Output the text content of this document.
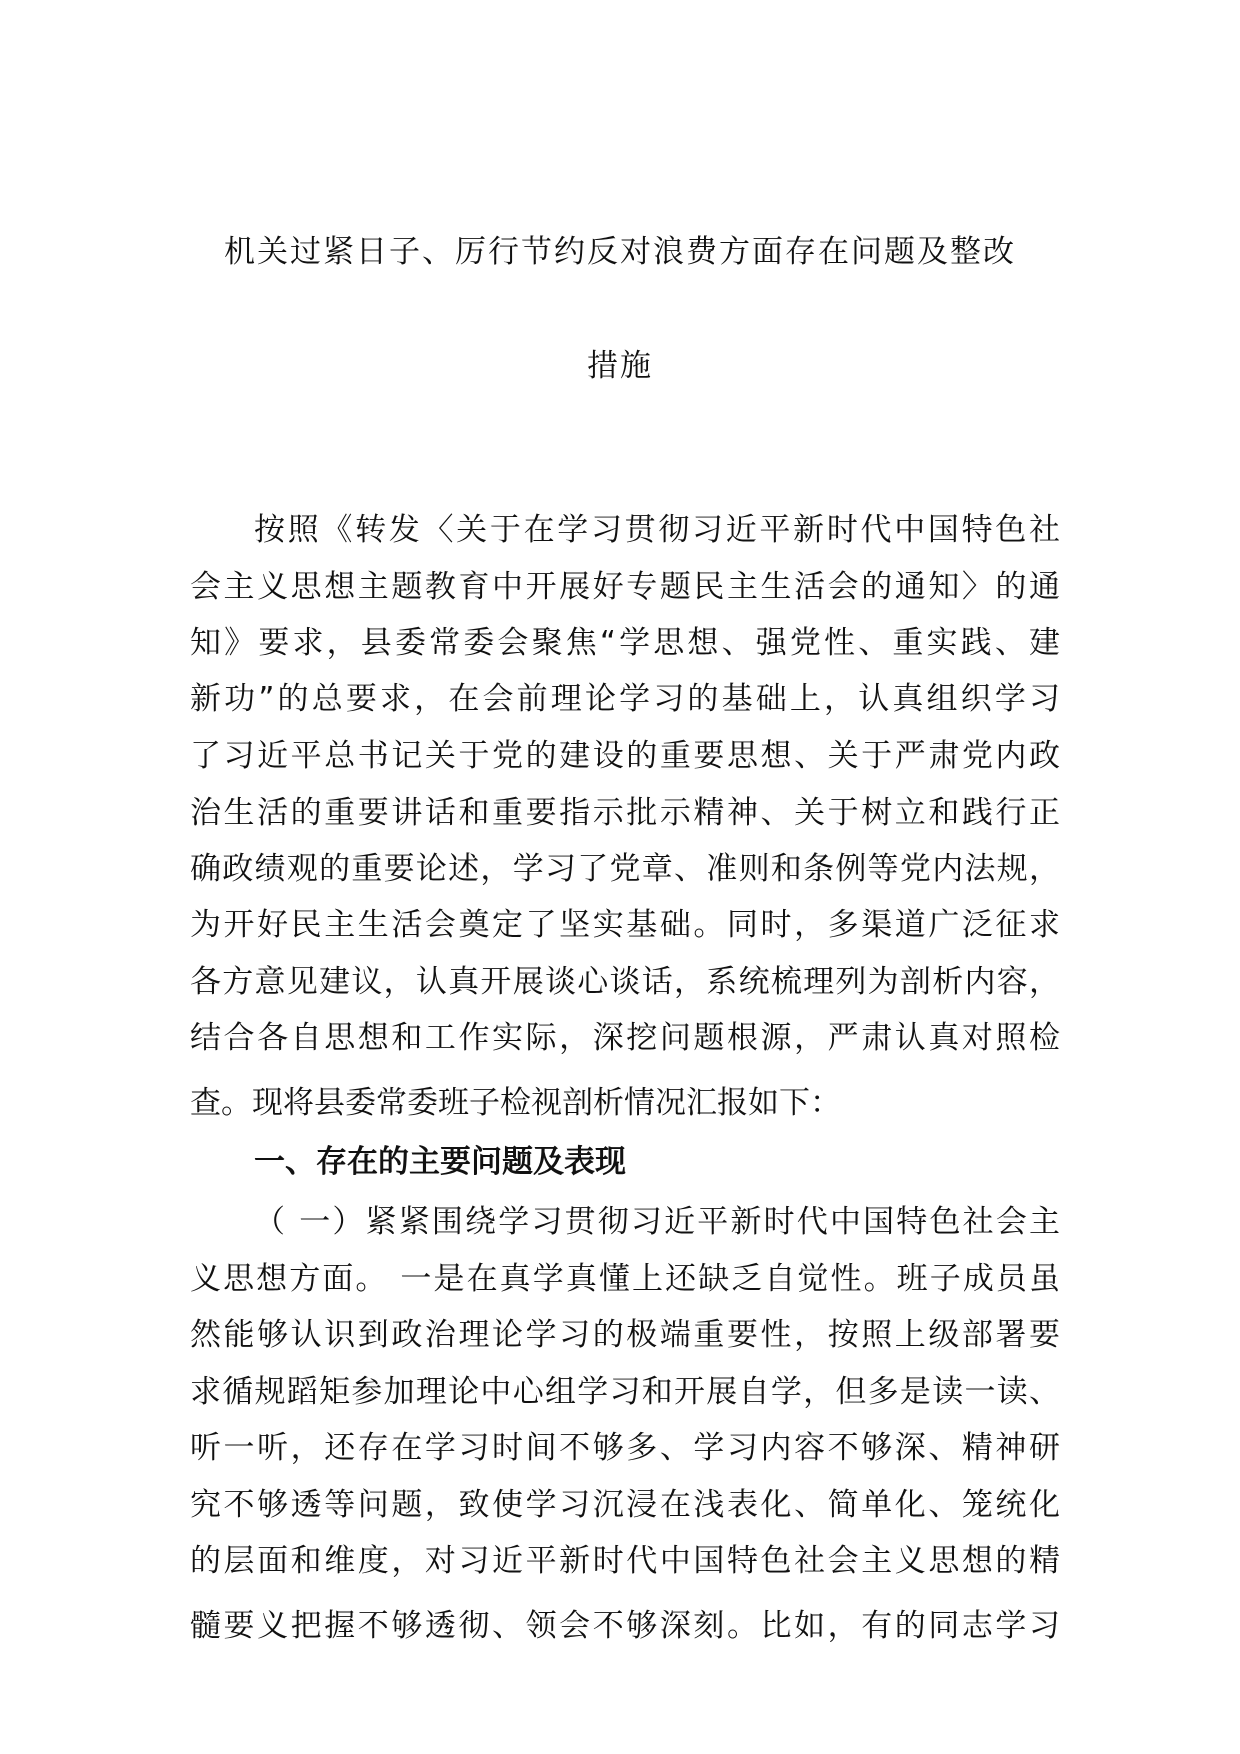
机关过紧日子、厉行节约反对浪费方面存在问题及整改
措施
按照《转发〈关于在学习贯彻习近平新时代中国特色社
会主义思想主题教育中开展好专题民主生活会的通知〉的通
知》要求，县委常委会聚焦“学思想、强党性、重实践、建
新功”的总要求，在会前理论学习的基础上，认真组织学习
了习近平总书记关于党的建设的重要思想、关于严肃党内政
治生活的重要讲话和重要指示批示精神、关于树立和践行正
确政绩观的重要论述，学习了党章、准则和条例等党内法规，
为开好民主生活会奠定了坚实基础。同时，多渠道广泛征求
各方意见建议，认真开展谈心谈话，系统梳理列为剖析内容，
结合各自思想和工作实际，深挖问题根源，严肃认真对照检
查。现将县委常委班子检视剖析情况汇报如下：
一、存在的主要问题及表现
（ 一）紧紧围绕学习贯彻习近平新时代中国特色社会主
义思想方面。 一是在真学真懂上还缺乏自觉性。班子成员虽
然能够认识到政治理论学习的极端重要性，按照上级部署要
求循规蹈矩参加理论中心组学习和开展自学，但多是读一读、
听一听，还存在学习时间不够多、学习内容不够深、精神研
究不够透等问题，致使学习沉浸在浅表化、简单化、笼统化
的层面和维度，对习近平新时代中国特色社会主义思想的精
髓要义把握不够透彻、领会不够深刻。比如，有的同志学习
